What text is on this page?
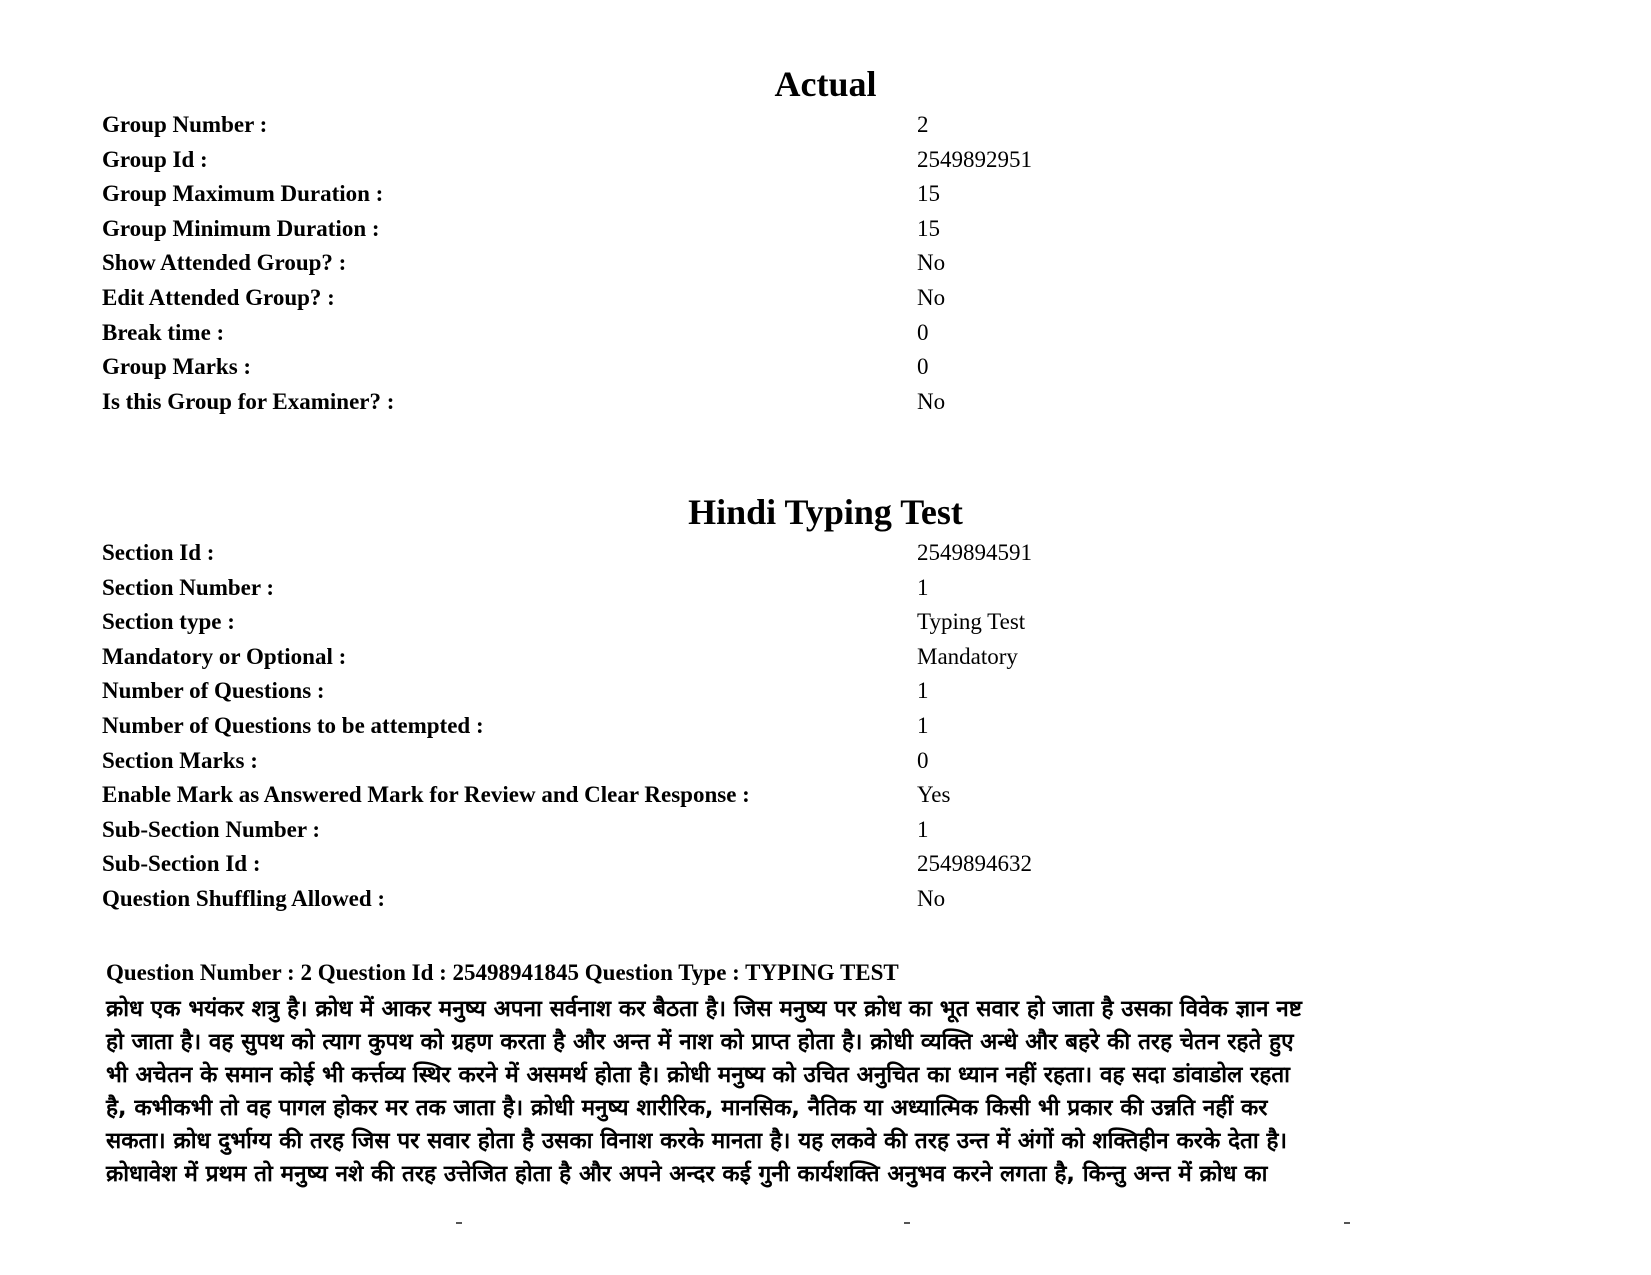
Actual
Group Number :	2
Group Id :	2549892951
Group Maximum Duration :	15
Group Minimum Duration :	15
Show Attended Group? :	No
Edit Attended Group? :	No
Break time :	0
Group Marks :	0
Is this Group for Examiner? :	No
Hindi Typing Test
Section Id :	2549894591
Section Number :	1
Section type :	Typing Test
Mandatory or Optional :	Mandatory
Number of Questions :	1
Number of Questions to be attempted :	1
Section Marks :	0
Enable Mark as Answered Mark for Review and Clear Response :	Yes
Sub-Section Number :	1
Sub-Section Id :	2549894632
Question Shuffling Allowed :	No
Question Number : 2 Question Id : 25498941845 Question Type : TYPING TEST
क्रोध एक भयंकर शत्रु है। क्रोध में आकर मनुष्य अपना सर्वनाश कर बैठता है। जिस मनुष्य पर क्रोध का भूत सवार हो जाता है उसका विवेक ज्ञान नष्ट
हो जाता है। वह सुपथ को त्याग कुपथ को ग्रहण करता है और अन्त में नाश को प्राप्त होता है। क्रोधी व्यक्ति अन्धे और बहरे की तरह चेतन रहते हुए
भी अचेतन के समान कोई भी कर्त्तव्य स्थिर करने में असमर्थ होता है। क्रोधी मनुष्य को उचित अनुचित का ध्यान नहीं रहता। वह सदा डांवाडोल रहता
है, कभीकभी तो वह पागल होकर मर तक जाता है। क्रोधी मनुष्य शारीरिक, मानसिक, नैतिक या अध्यात्मिक किसी भी प्रकार की उन्नति नहीं कर
सकता। क्रोध दुर्भाग्य की तरह जिस पर सवार होता है उसका विनाश करके मानता है। यह लकवे की तरह उन्त में अंगों को शक्तिहीन करके देता है।
क्रोधावेश में प्रथम तो मनुष्य नशे की तरह उत्तेजित होता है और अपने अन्दर कई गुनी कार्यशक्ति अनुभव करने लगता है, किन्तु अन्त में क्रोध का
